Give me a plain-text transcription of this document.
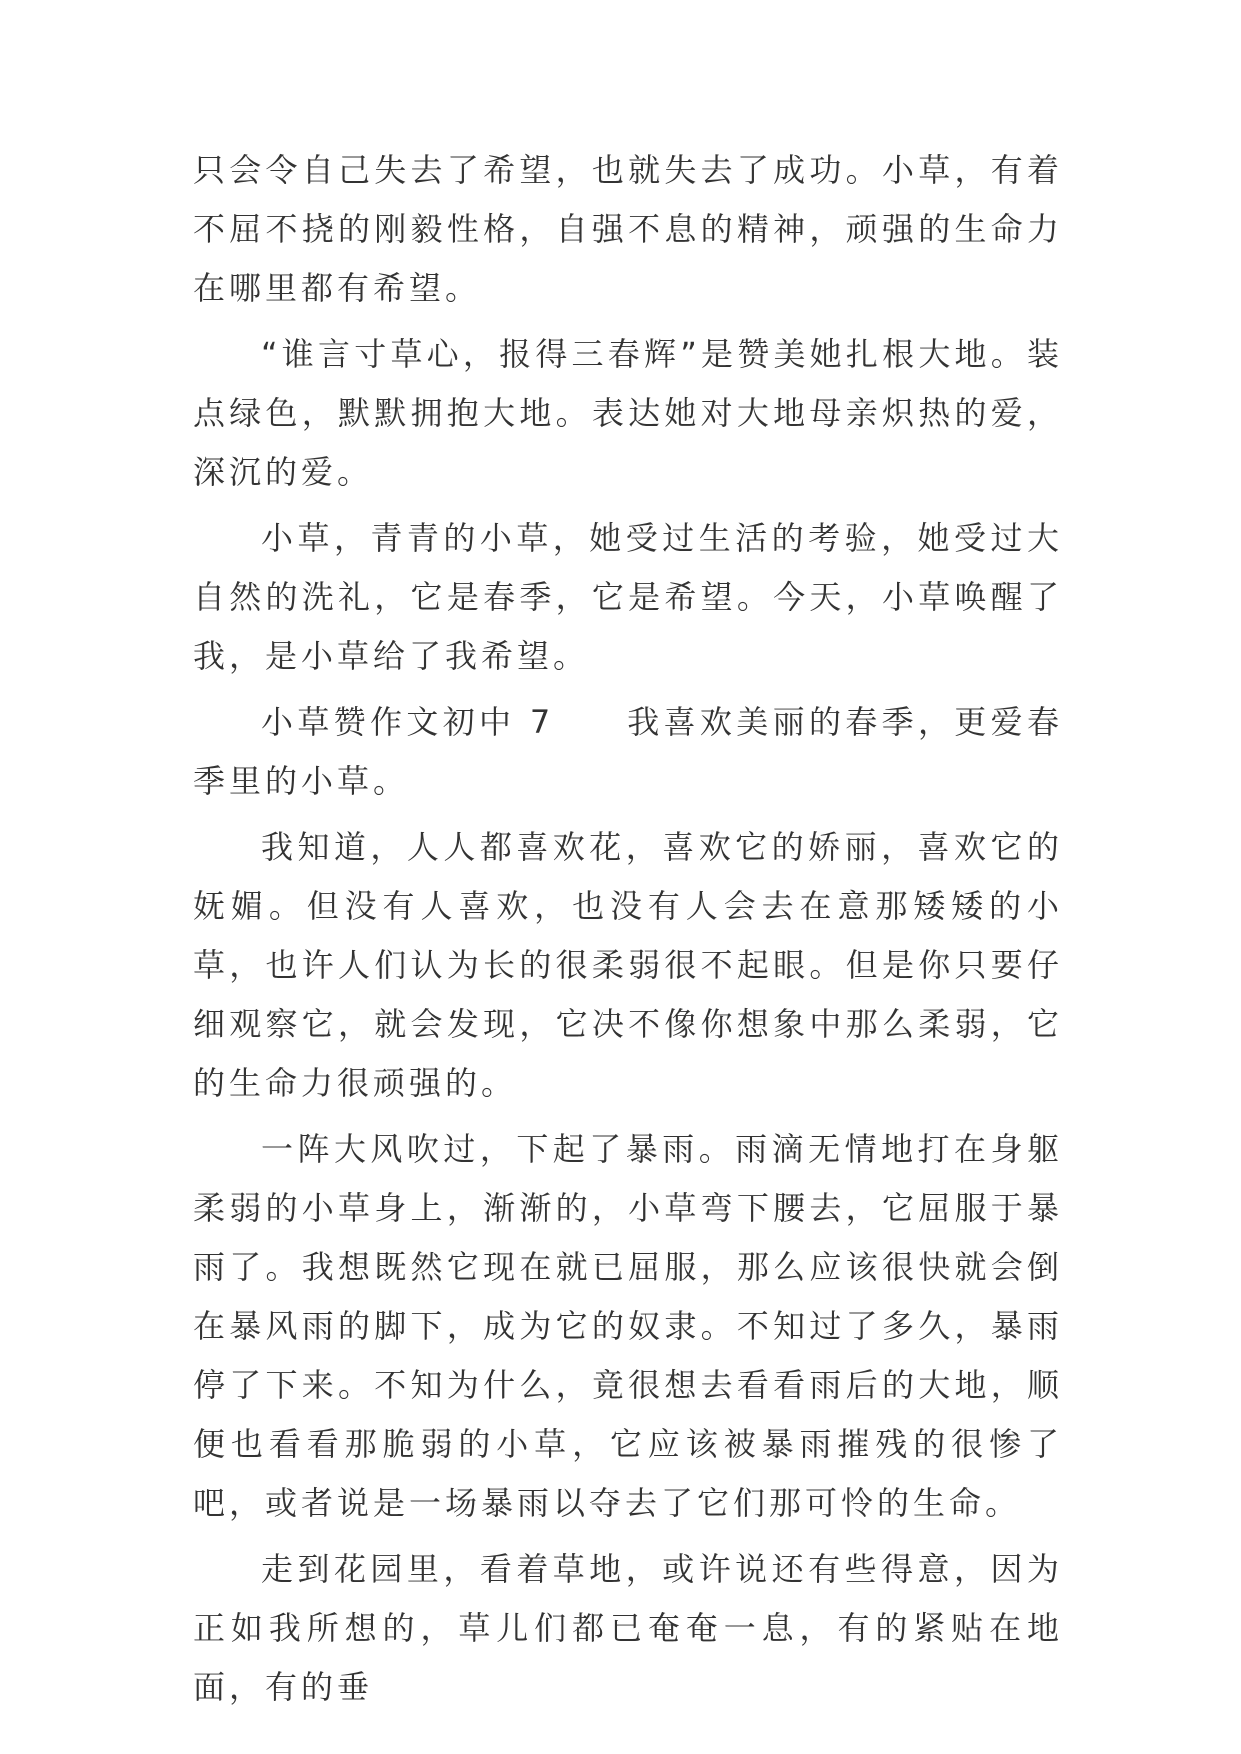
只会令自己失去了希望，也就失去了成功。小草，有着不屈不挠的刚毅性格，自强不息的精神，顽强的生命力在哪里都有希望。

“谁言寸草心，报得三春辉”是赞美她扎根大地。装点绿色，默默拥抱大地。表达她对大地母亲炽热的爱，深沉的爱。

小草，青青的小草，她受过生活的考验，她受过大自然的洗礼，它是春季，它是希望。今天，小草唤醒了我，是小草给了我希望。

小草赞作文初中 7　　我喜欢美丽的春季，更爱春季里的小草。

我知道，人人都喜欢花，喜欢它的娇丽，喜欢它的妩媚。但没有人喜欢，也没有人会去在意那矮矮的小草，也许人们认为长的很柔弱很不起眼。但是你只要仔细观察它，就会发现，它决不像你想象中那么柔弱，它的生命力很顽强的。

一阵大风吹过，下起了暴雨。雨滴无情地打在身躯柔弱的小草身上，渐渐的，小草弯下腰去，它屈服于暴雨了。我想既然它现在就已屈服，那么应该很快就会倒在暴风雨的脚下，成为它的奴隶。不知过了多久，暴雨停了下来。不知为什么，竟很想去看看雨后的大地，顺便也看看那脆弱的小草，它应该被暴雨摧残的很惨了吧，或者说是一场暴雨以夺去了它们那可怜的生命。

走到花园里，看着草地，或许说还有些得意，因为正如我所想的，草儿们都已奄奄一息，有的紧贴在地面，有的垂
